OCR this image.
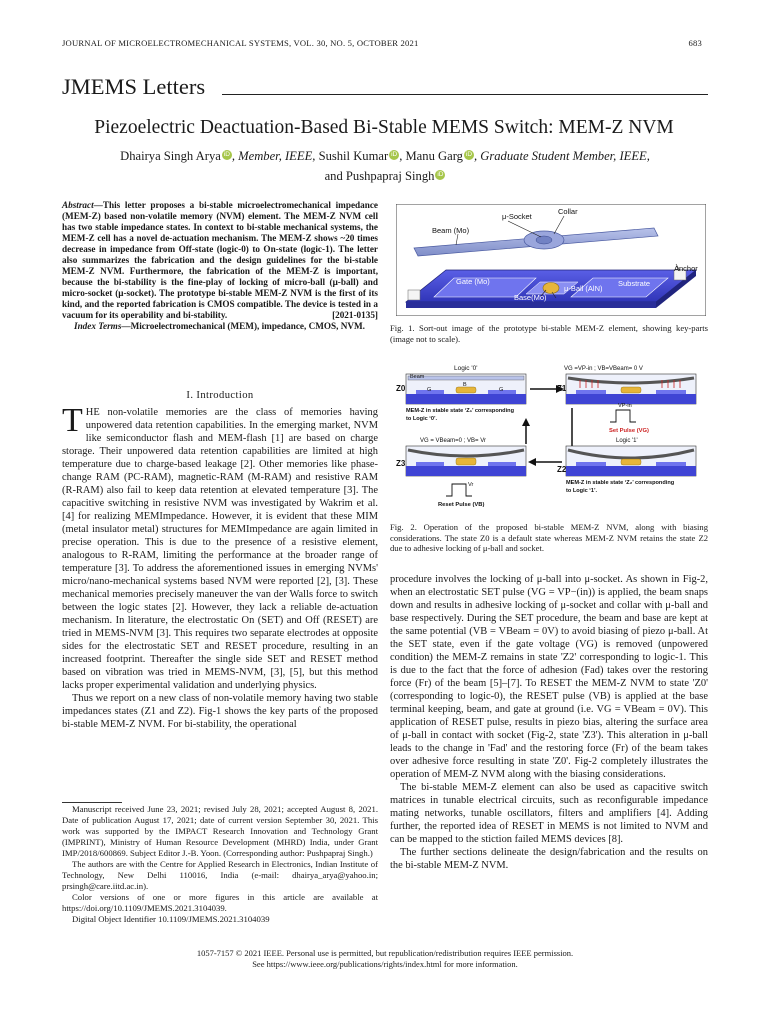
JOURNAL OF MICROELECTROMECHANICAL SYSTEMS, VOL. 30, NO. 5, OCTOBER 2021	683
JMEMS Letters
Piezoelectric Deactuation-Based Bi-Stable MEMS Switch: MEM-Z NVM
Dhairya Singh Arya iD , Member, IEEE, Sushil Kumar iD , Manu Garg iD , Graduate Student Member, IEEE,
and Pushpapraj Singh iD
Abstract—This letter proposes a bi-stable microelectromechanical impedance (MEM-Z) based non-volatile memory (NVM) element. The MEM-Z NVM cell has two stable impedance states. In context to bi-stable mechanical systems, the MEM-Z cell has a novel de-actuation mechanism. The MEM-Z shows ~20 times decrease in impedance from Off-state (logic-0) to On-state (logic-1). The letter also summarizes the fabrication and the design guidelines for the bi-stable MEM-Z NVM. Furthermore, the fabrication of the MEM-Z is important, because the bi-stability is the fine-play of locking of micro-ball (μ-ball) and micro-socket (μ-socket). The prototype bi-stable MEM-Z NVM is the first of its kind, and the reported fabrication is CMOS compatible. The device is tested in a vacuum for its operability and bi-stability.	[2021-0135]
Index Terms—Microelectromechanical (MEM), impedance, CMOS, NVM.
I. Introduction

THE non-volatile memories are the class of memories having unpowered data retention capabilities. In the emerging market, NVM like semiconductor flash and MEM-flash [1] are based on charge storage. Their unpowered data retention capabilities are limited at high temperature due to charge-based leakage [2]. Other memories like phase-change RAM (PC-RAM), magnetic-RAM (M-RAM) and resistive RAM (R-RAM) also fail to keep data retention at elevated temperature [3]. The capacitive switching in resistive NVM was investigated by Wakrim et al. [4] for realizing MEMImpedance. However, it is evident that these MIM (metal insulator metal) structures for MEMImpedance are again limited in precise operation. This is due to the presence of a resistive element, analogous to R-RAM, limiting the performance at the broader range of temperature [3]. To address the aforementioned issues in emerging NVMs' micro/nano-mechanical systems based NVM were reported [2], [3]. These mechanical memories precisely maneuver the van der Walls force to switch between the logic states [2]. However, they lack a reliable de-actuation mechanism. In literature, the electrostatic On (SET) and Off (RESET) are tried in MEMS-NVM [3]. This requires two separate electrodes at opposite sides for the electrostatic SET and RESET procedure, resulting in an increased footprint. Thereafter the single side SET and RESET method based on vibration was tried in MEMS-NVM, [3], [5], but this method lacks proper experimental validation and underlying physics.

Thus we report on a new class of non-volatile memory having two stable impedances states (Z1 and Z2). Fig-1 shows the key parts of the proposed bi-stable MEM-Z NVM. For bi-stability, the operational

Manuscript received June 23, 2021; revised July 28, 2021; accepted August 8, 2021. Date of publication August 17, 2021; date of current version September 30, 2021. This work was supported by the IMPACT Research Innovation and Technology Grant (IMPRINT), Ministry of Human Resource Development (MHRD) India, under Grant IMP/2018/600869. Subject Editor J.-B. Yoon. (Corresponding author: Pushpapraj Singh.)

The authors are with the Centre for Applied Research in Electronics, Indian Institute of Technology, New Delhi 110016, India (e-mail: dhairya_arya@yahoo.in; prsingh@care.iitd.ac.in).

Color versions of one or more figures in this article are available at https://doi.org/10.1109/JMEMS.2021.3104039.

Digital Object Identifier 10.1109/JMEMS.2021.3104039

μ-Socket
Collar
Beam (Mo)
Gate
Anchor
Gate (Mo)
μ-Ball (AlN)
Substrate
Base(Mo)
Fig. 1. Sort-out image of the prototype bi-stable MEM-Z element, showing key-parts (image not to scale).
Logic '0'
Z0
Beam
G
B
G
MEM-Z in stable state ‘Z₁’ corresponding
to Logic ‘0’.
VG =VP-in ; VB=VBeam= 0 V
Z1
VP-in
Set Pulse (VG)
Logic '1'
Z2
MEM-Z in stable state ‘Z₂’ corresponding
to Logic ‘1’.
VG = VBeam=0 ; VB= Vr
Z3
Vr
Reset Pulse (VB)
Fig. 2. Operation of the proposed bi-stable MEM-Z NVM, along with biasing considerations. The state Z0 is a default state whereas MEM-Z NVM retains the state Z2 due to adhesive locking of μ-ball and socket.

procedure involves the locking of μ-ball into μ-socket. As shown in Fig-2, when an electrostatic SET pulse (VG = VP−(in)) is applied, the beam snaps down and results in adhesive locking of μ-socket and collar with μ-ball and base respectively. During the SET procedure, the beam and base are kept at the same potential (VB = VBeam = 0V) to avoid biasing of piezo μ-ball. At the SET state, even if the gate voltage (VG) is removed (unpowered condition) the MEM-Z remains in state 'Z2' corresponding to logic-1. This is due to the fact that the force of adhesion (Fad) takes over the restoring force (Fr) of the beam [5]–[7]. To RESET the MEM-Z NVM to state 'Z0' (corresponding to logic-0), the RESET pulse (VB) is applied at the base terminal keeping, beam, and gate at ground (i.e. VG = VBeam = 0V). This application of RESET pulse, results in piezo bias, altering the surface area of μ-ball in contact with socket (Fig-2, state 'Z3'). This alteration in μ-ball leads to the change in 'Fad' and the restoring force (Fr) of the beam takes over adhesive force resulting in state 'Z0'. Fig-2 completely illustrates the operation of MEM-Z NVM along with the biasing considerations.

The bi-stable MEM-Z element can also be used as capacitive switch matrices in tunable electrical circuits, such as reconfigurable impedance mating networks, tunable oscillators, filters and amplifiers [4]. Adding further, the reported idea of RESET in MEMS is not limited to NVM and can be mapped to the stiction failed MEMS devices [8].

The further sections delineate the design/fabrication and the results on the bi-stable MEM-Z NVM.

1057-7157 © 2021 IEEE. Personal use is permitted, but republication/redistribution requires IEEE permission.
See https://www.ieee.org/publications/rights/index.html for more information.
